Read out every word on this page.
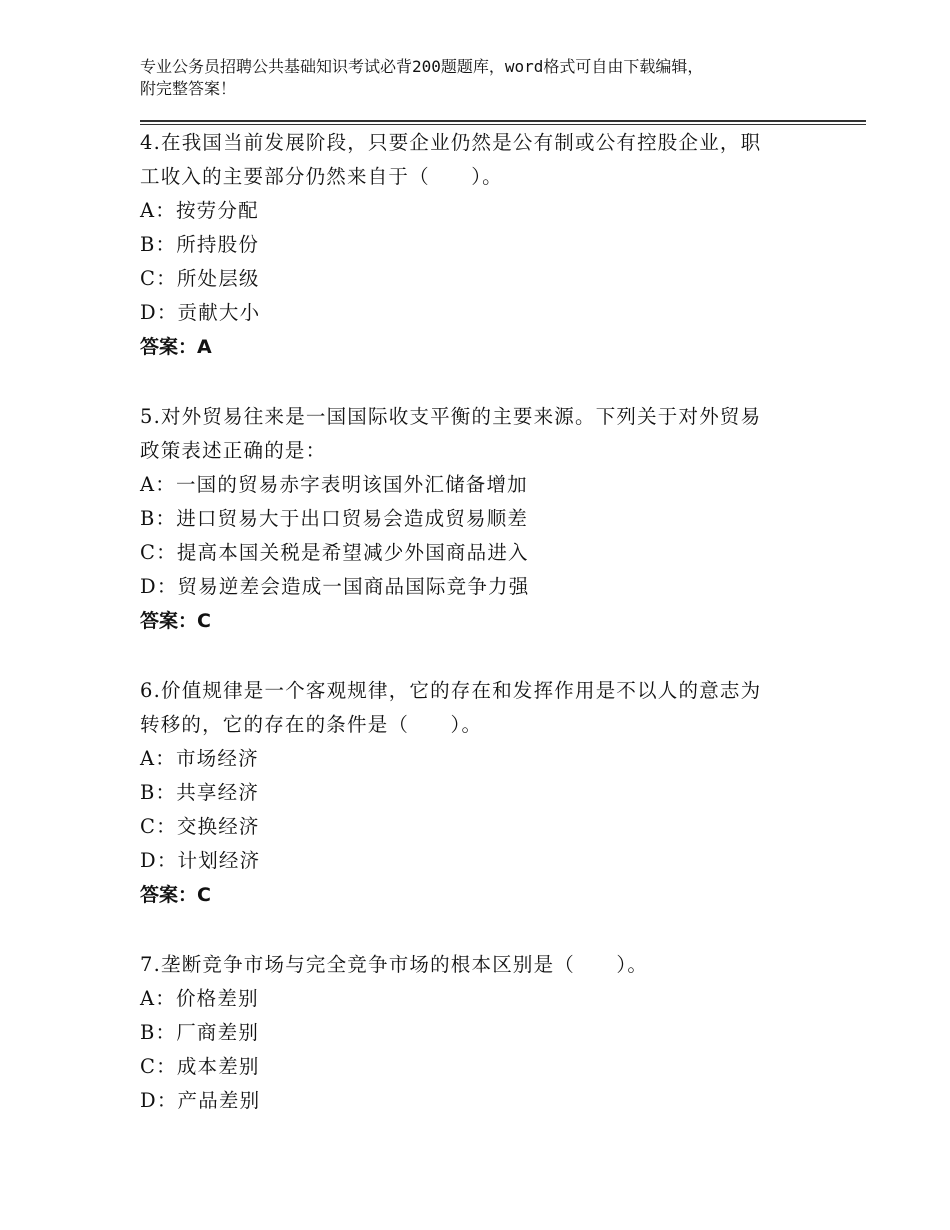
专业公务员招聘公共基础知识考试必背200题题库，word格式可自由下载编辑，
附完整答案！

4.在我国当前发展阶段，只要企业仍然是公有制或公有控股企业，职
工收入的主要部分仍然来自于（　　）。

A：按劳分配

B：所持股份

C：所处层级

D：贡献大小

答案：A

5.对外贸易往来是一国国际收支平衡的主要来源。下列关于对外贸易
政策表述正确的是：

A：一国的贸易赤字表明该国外汇储备增加

B：进口贸易大于出口贸易会造成贸易顺差

C：提高本国关税是希望减少外国商品进入

D：贸易逆差会造成一国商品国际竞争力强

答案：C

6.价值规律是一个客观规律，它的存在和发挥作用是不以人的意志为
转移的，它的存在的条件是（　　）。

A：市场经济

B：共享经济

C：交换经济

D：计划经济

答案：C

7.垄断竞争市场与完全竞争市场的根本区别是（　　）。

A：价格差别

B：厂商差别

C：成本差别

D：产品差别
